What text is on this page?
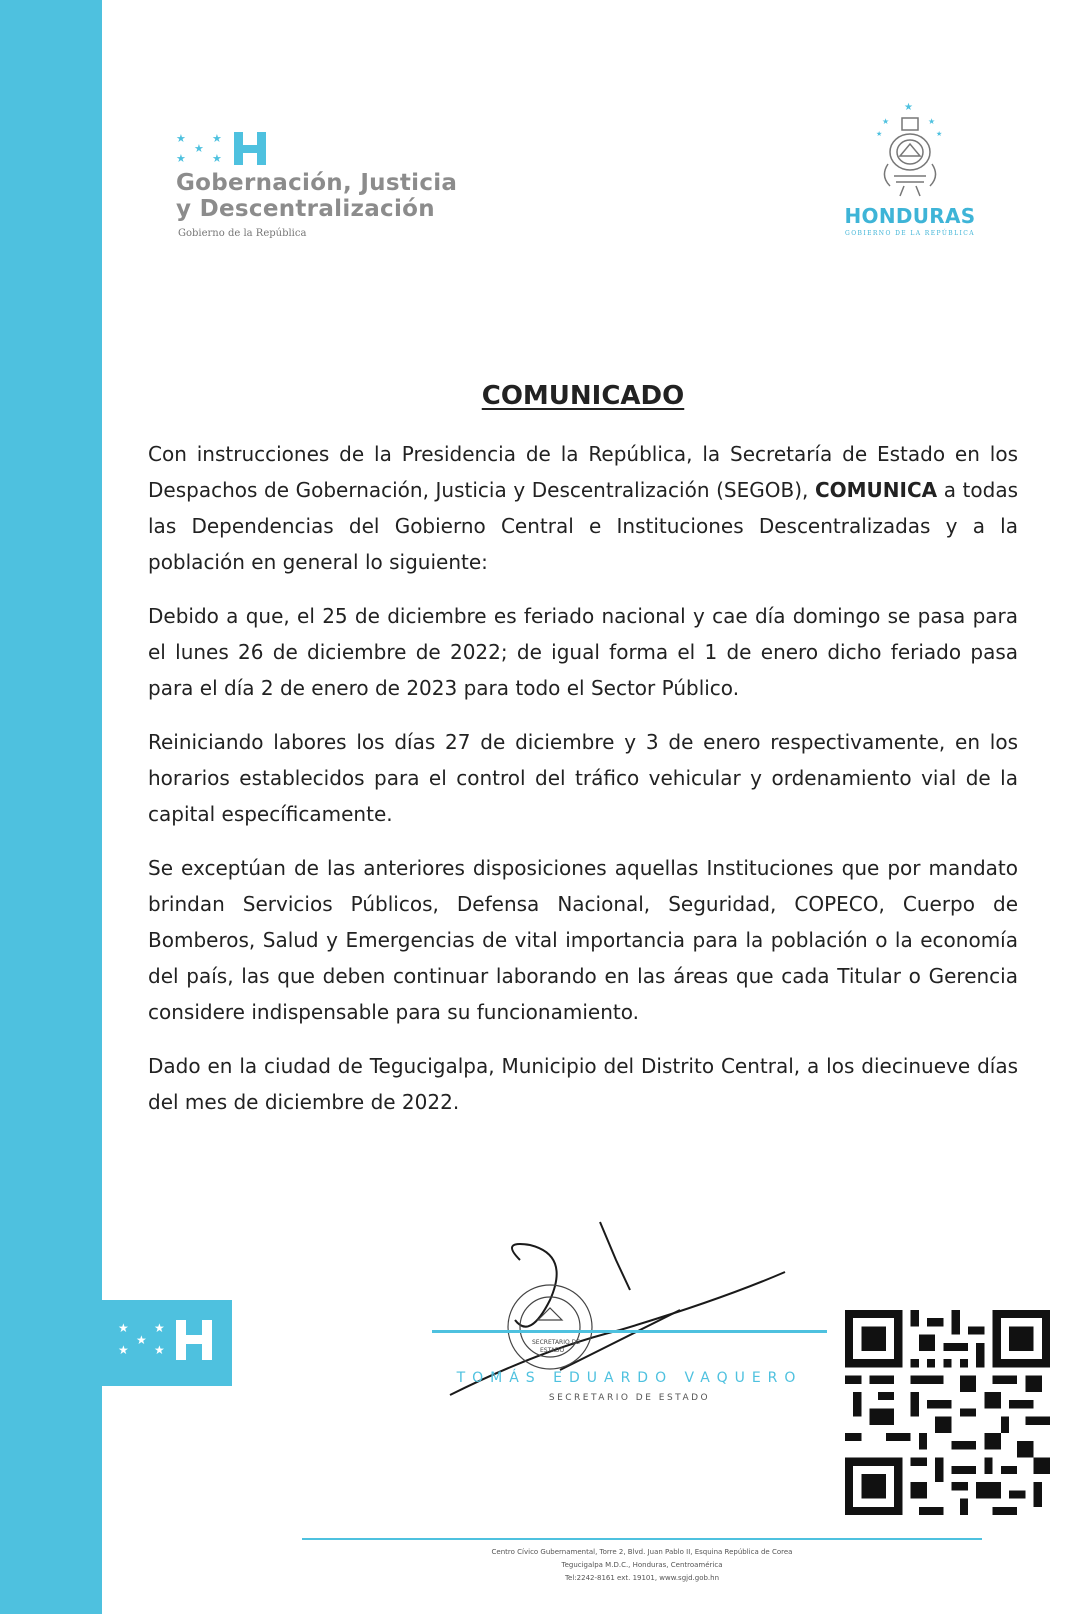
★
★
★
★ ★
★
★
★
★ ★
Gobernación, Justicia
y Descentralización
Gobierno de la República
★
★	★
★	★
HONDURAS
GOBIERNO DE LA REPÚBLICA
COMUNICADO

Con instrucciones de la Presidencia de la República, la Secretaría de Estado en los Despachos de Gobernación, Justicia y Descentralización (SEGOB), COMUNICA a todas las Dependencias del Gobierno Central e Instituciones Descentralizadas y a la población en general lo siguiente:

Debido a que, el 25 de diciembre es feriado nacional y cae día domingo se pasa para el lunes 26 de diciembre de 2022; de igual forma el 1 de enero dicho feriado pasa para el día 2 de enero de 2023 para todo el Sector Público.

Reiniciando labores los días 27 de diciembre y 3 de enero respectivamente, en los horarios establecidos para el control del tráfico vehicular y ordenamiento vial de la capital específicamente.

Se exceptúan de las anteriores disposiciones aquellas Instituciones que por mandato brindan Servicios Públicos, Defensa Nacional, Seguridad, COPECO, Cuerpo de Bomberos, Salud y Emergencias de vital importancia para la población o la economía del país, las que deben continuar laborando en las áreas que cada Titular o Gerencia considere indispensable para su funcionamiento.

Dado en la ciudad de Tegucigalpa, Municipio del Distrito Central, a los diecinueve días del mes de diciembre de 2022.

SECRETARIO DE
ESTADO
TOMÁS EDUARDO VAQUERO
SECRETARIO DE ESTADO
Centro Cívico Gubernamental, Torre 2, Blvd. Juan Pablo II, Esquina República de Corea
Tegucigalpa M.D.C., Honduras, Centroamérica
Tel:2242-8161 ext. 19101, www.sgjd.gob.hn
